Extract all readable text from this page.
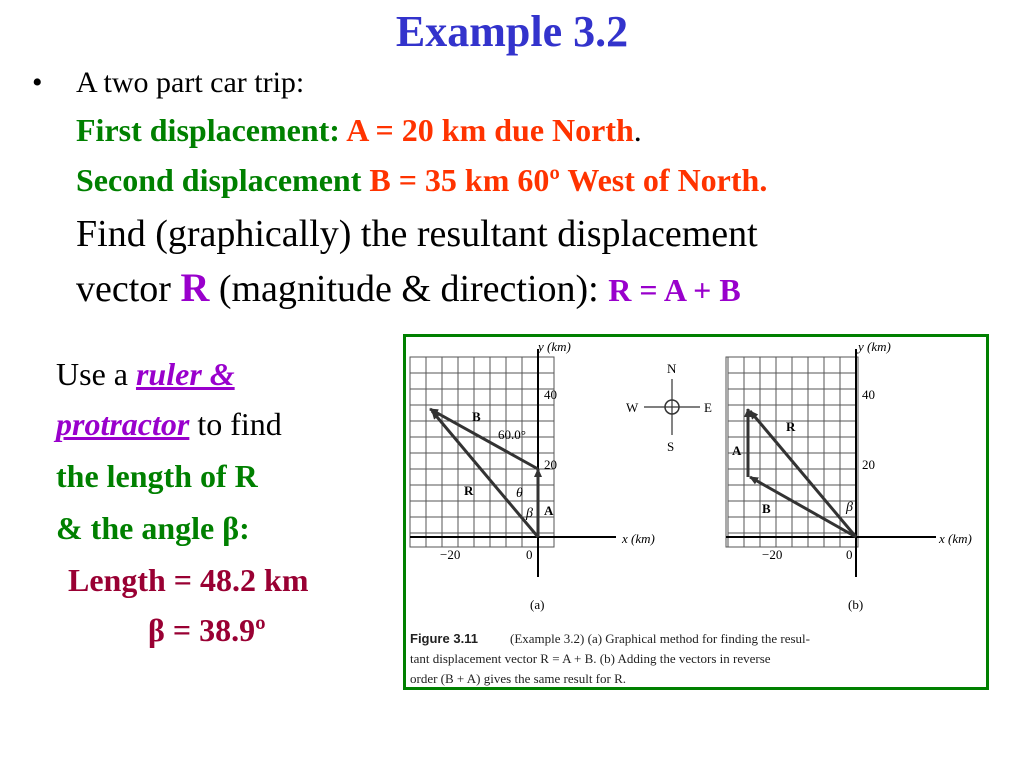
Example 3.2
• A two part car trip:
First displacement: A = 20 km due North.
Second displacement B = 35 km 60º West of North.
Find (graphically) the resultant displacement
vector R (magnitude & direction): R = A + B
Use a ruler &
protractor to find
the length of R
& the angle β:
Length = 48.2 km
β = 38.9º
y (km)
x (km)
y (km)
x (km)
40
20
−20	0
40
20
−20	0
B
R
A
60.0°
θ
β
N
S
E
W
R
A
B	β
(a)	(b)
Figure 3.11 (Example 3.2) (a) Graphical method for finding the resul-
tant displacement vector R = A + B. (b) Adding the vectors in reverse
order (B + A) gives the same result for R.
